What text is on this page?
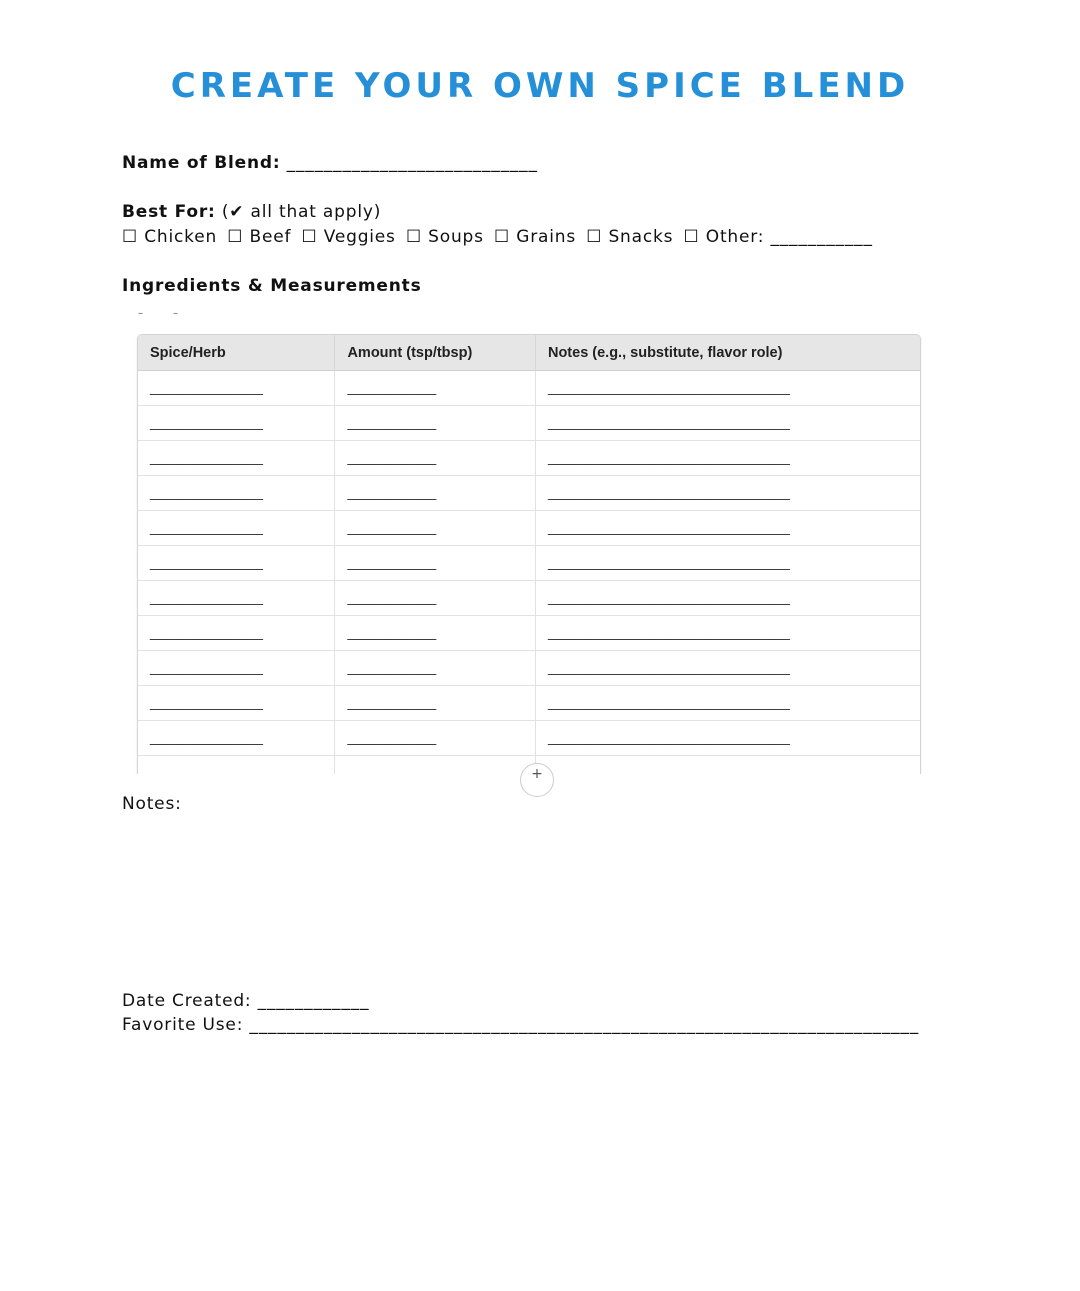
CREATE YOUR OWN SPICE BLEND
Name of Blend: ___________________________
Best For: (✔ all that apply)
☐ Chicken ☐ Beef ☐ Veggies ☐ Soups ☐ Grains ☐ Snacks ☐ Other: ___________
Ingredients & Measurements
––
Spice/Herb	Amount (tsp/tbsp)	Notes (e.g., substitute, flavor role)
______________	___________	______________________________
______________	___________	______________________________
______________	___________	______________________________
______________	___________	______________________________
______________	___________	______________________________
______________	___________	______________________________
______________	___________	______________________________
______________	___________	______________________________
______________	___________	______________________________
______________	___________	______________________________
______________	___________	______________________________

+
Notes:
Date Created: ____________
Favorite Use: ________________________________________________________________________
